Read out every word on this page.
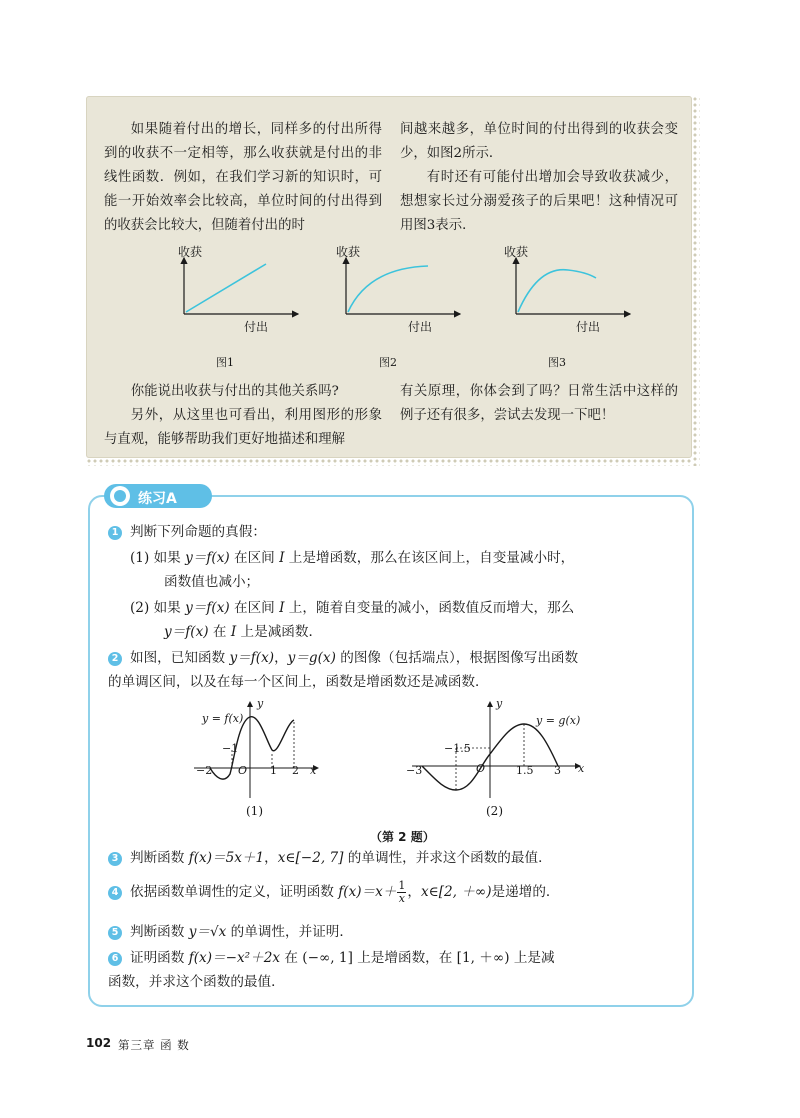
如果随着付出的增长，同样多的付出所得到的收获不一定相等，那么收获就是付出的非线性函数．例如，在我们学习新的知识时，可能一开始效率会比较高，单位时间的付出得到的收获会比较大，但随着付出的时

间越来越多，单位时间的付出得到的收获会变少，如图2所示．

有时还有可能付出增加会导致收获减少，想想家长过分溺爱孩子的后果吧！这种情况可用图3表示．

收获
付出
图1
收获
付出
图2
收获
付出
图3

你能说出收获与付出的其他关系吗?

另外，从这里也可看出，利用图形的形象与直观，能够帮助我们更好地描述和理解

有关原理，你体会到了吗？日常生活中这样的例子还有很多，尝试去发现一下吧！

练习A
1 判断下列命题的真假：
(1) 如果 y＝f(x) 在区间 I 上是增函数，那么在该区间上，自变量减小时，
函数值也减小；
(2) 如果 y＝f(x) 在区间 I 上，随着自变量的减小，函数值反而增大，那么
y＝f(x) 在 I 上是减函数．
2 如图，已知函数 y＝f(x)，y＝g(x) 的图像（包括端点），根据图像写出函数
的单调区间，以及在每一个区间上，函数是增函数还是减函数．
y = f(x)
y
x
O
−2
−1
1 2
(1)
y = g(x)
y
x
O
−3
−1.5
1.5 3
(2)
（第 2 题）
3 判断函数 f(x)＝5x＋1，x∈[−2, 7] 的单调性，并求这个函数的最值．
4 依据函数单调性的定义，证明函数 $f(x)=x+ \frac{1}{x}$ ，x∈[2, ＋∞)是递增的．
5 判断函数 y＝√x 的单调性，并证明．
6 证明函数 f(x)＝−x²＋2x 在 (−∞, 1] 上是增函数，在 [1, ＋∞) 上是减
函数，并求这个函数的最值．
102 第三章 函 数
